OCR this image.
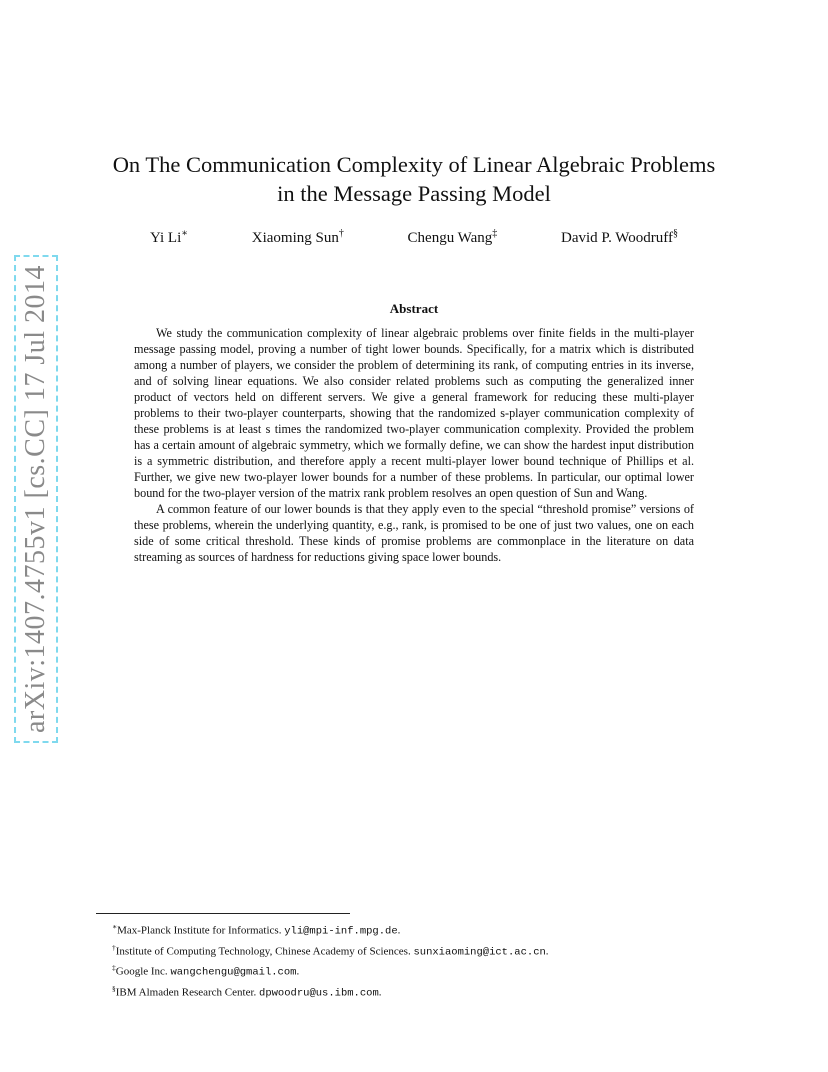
arXiv:1407.4755v1 [cs.CC] 17 Jul 2014
On The Communication Complexity of Linear Algebraic Problems
in the Message Passing Model
Yi Li∗	Xiaoming Sun†	Chengu Wang‡	David P. Woodruff§
Abstract

We study the communication complexity of linear algebraic problems over finite fields in the multi-player message passing model, proving a number of tight lower bounds. Specifically, for a matrix which is distributed among a number of players, we consider the problem of determining its rank, of computing entries in its inverse, and of solving linear equations. We also consider related problems such as computing the generalized inner product of vectors held on different servers. We give a general framework for reducing these multi-player problems to their two-player counterparts, showing that the randomized s-player communication complexity of these problems is at least s times the randomized two-player communication complexity. Provided the problem has a certain amount of algebraic symmetry, which we formally define, we can show the hardest input distribution is a symmetric distribution, and therefore apply a recent multi-player lower bound technique of Phillips et al. Further, we give new two-player lower bounds for a number of these problems. In particular, our optimal lower bound for the two-player version of the matrix rank problem resolves an open question of Sun and Wang.

A common feature of our lower bounds is that they apply even to the special “threshold promise” versions of these problems, wherein the underlying quantity, e.g., rank, is promised to be one of just two values, one on each side of some critical threshold. These kinds of promise problems are commonplace in the literature on data streaming as sources of hardness for reductions giving space lower bounds.

∗Max-Planck Institute for Informatics. yli@mpi-inf.mpg.de.
†Institute of Computing Technology, Chinese Academy of Sciences. sunxiaoming@ict.ac.cn.
‡Google Inc. wangchengu@gmail.com.
§IBM Almaden Research Center. dpwoodru@us.ibm.com.
